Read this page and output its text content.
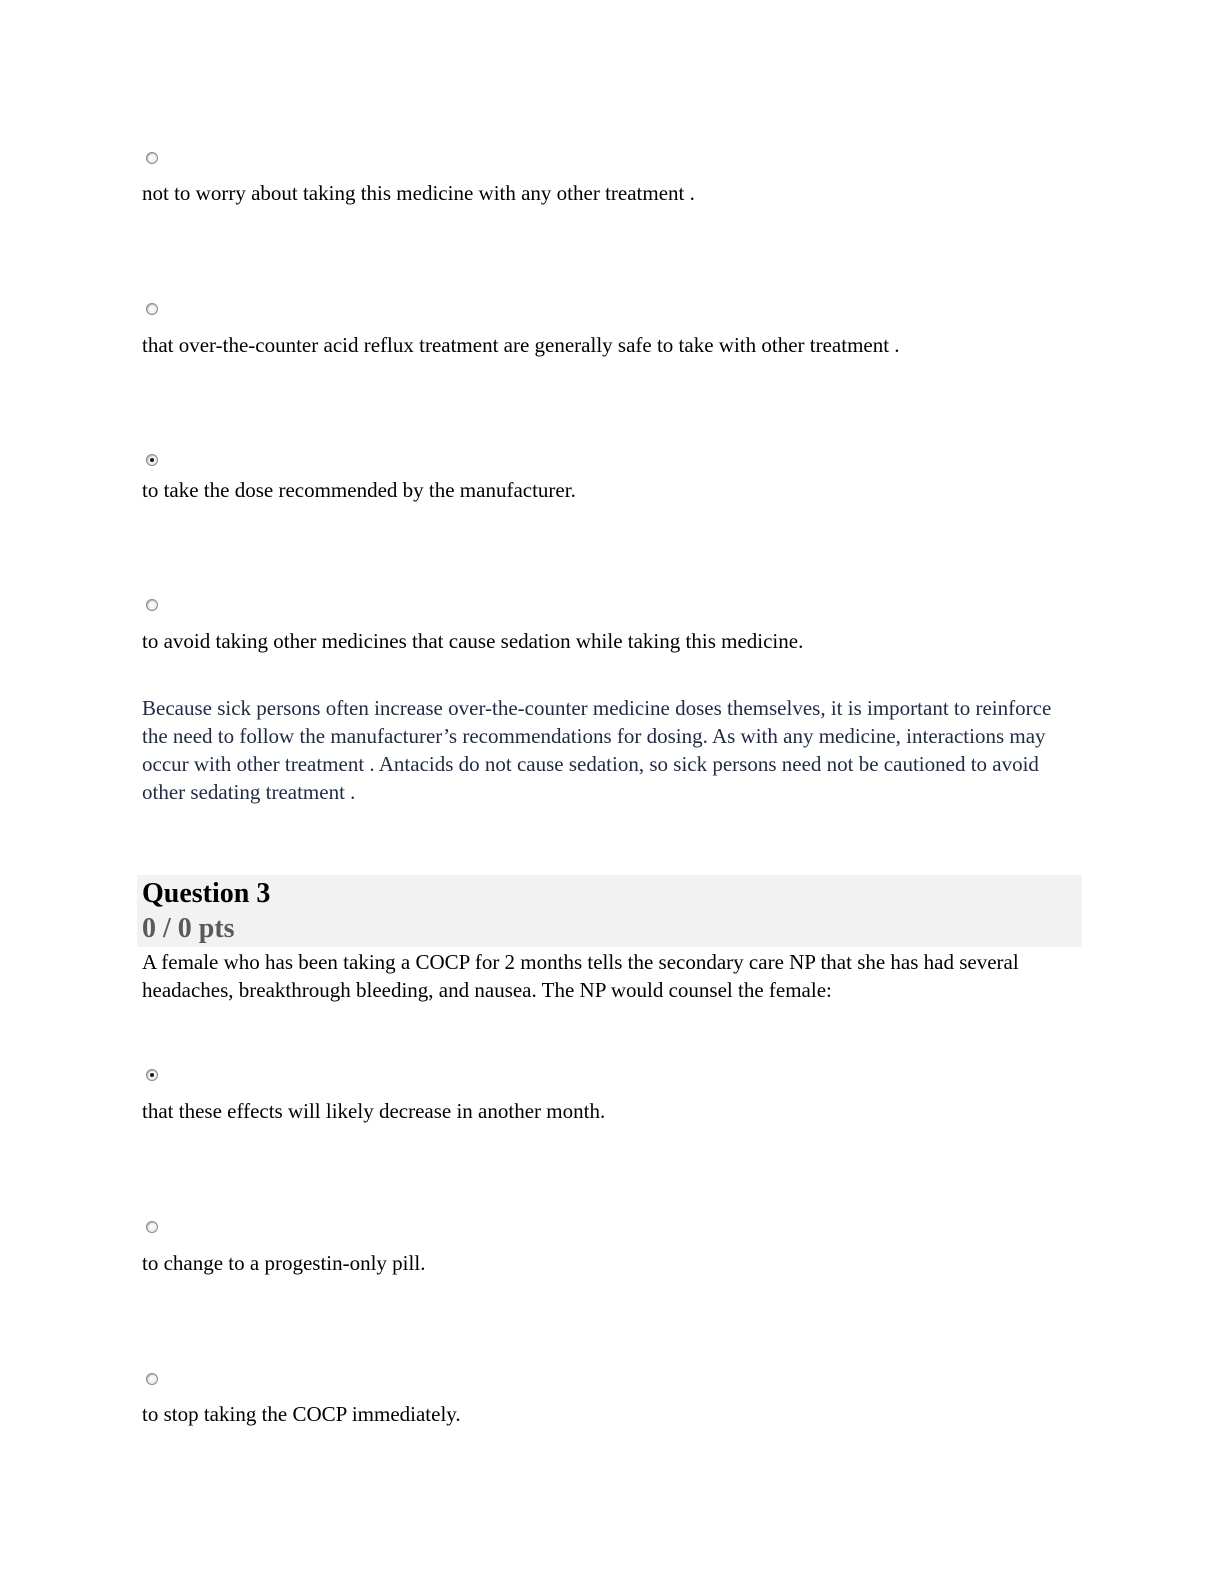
not to worry about taking this medicine with any other treatment .
that over-the-counter acid reflux treatment are generally safe to take with other treatment .
to take the dose recommended by the manufacturer.
to avoid taking other medicines that cause sedation while taking this medicine.
Because sick persons often increase over-the-counter medicine doses themselves, it is important to reinforce the need to follow the manufacturer’s recommendations for dosing. As with any medicine, interactions may occur with other treatment . Antacids do not cause sedation, so sick persons need not be cautioned to avoid other sedating treatment .
Question 3
0 / 0 pts
A female who has been taking a COCP for 2 months tells the secondary care NP that she has had several headaches, breakthrough bleeding, and nausea. The NP would counsel the female:
that these effects will likely decrease in another month.
to change to a progestin-only pill.
to stop taking the COCP immediately.
